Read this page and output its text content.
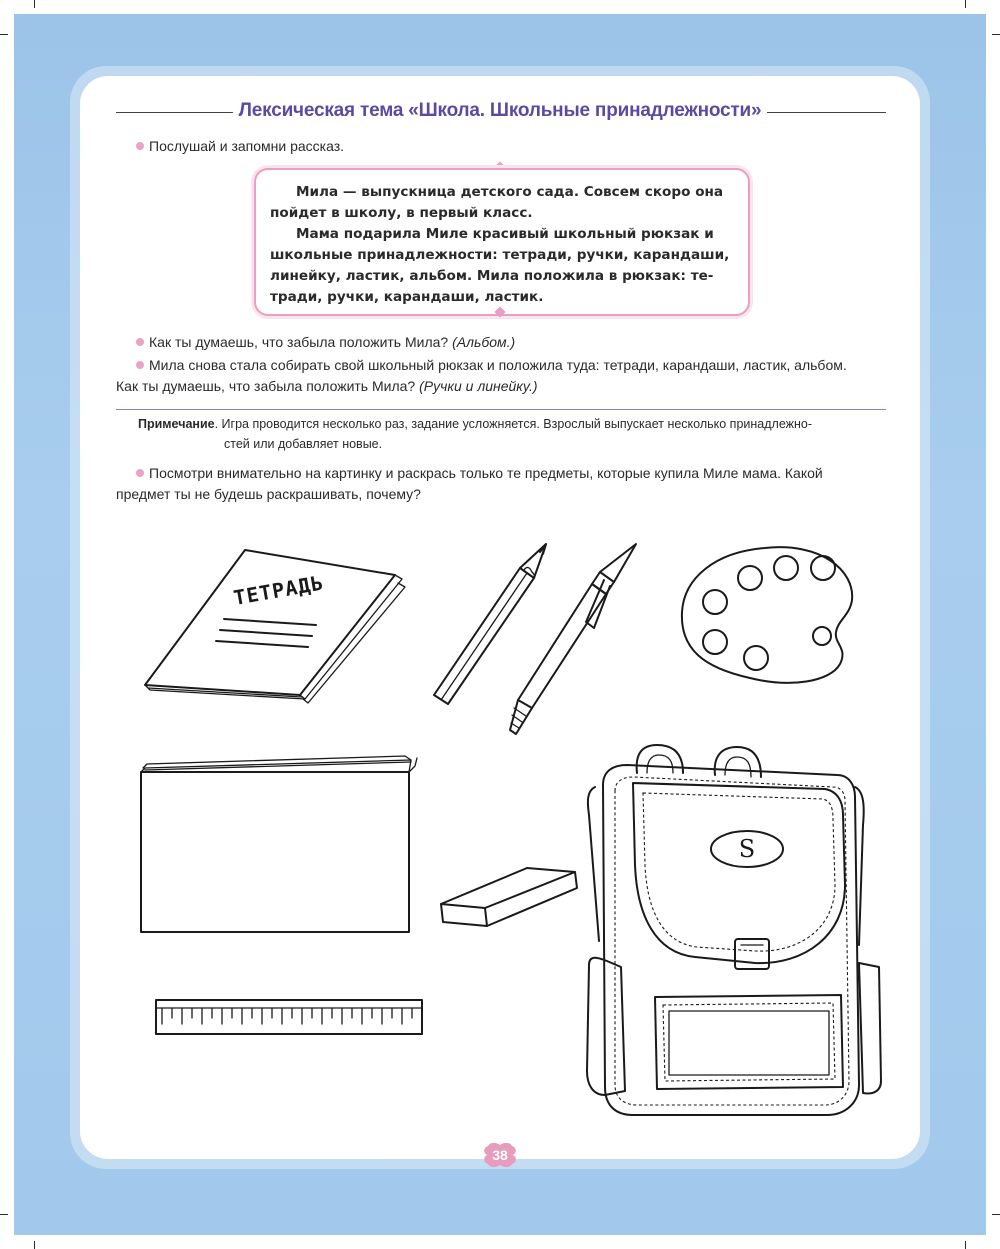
Лексическая тема «Школа. Школьные принадлежности»
Послушай и запомни рассказ.
Мила — выпускница детского сада. Совсем скоро она
пойдет в школу, в первый класс.
Мама подарила Миле красивый школьный рюкзак и
школьные принадлежности: тетради, ручки, карандаши,
линейку, ластик, альбом. Мила положила в рюкзак: те-
тради, ручки, карандаши, ластик.
Как ты думаешь, что забыла положить Мила? (Альбом.)
Мила снова стала собирать свой школьный рюкзак и положила туда: тетради, карандаши, ластик, альбом.
Как ты думаешь, что забыла положить Мила? (Ручки и линейку.)
Примечание. Игра проводится несколько раз, задание усложняется. Взрослый выпускает несколько принадлежно-
стей или добавляет новые.
Посмотри внимательно на картинку и раскрась только те предметы, которые купила Миле мама. Какой
предмет ты не будешь раскрашивать, почему?
ТЕТРАДЬ
S
38
